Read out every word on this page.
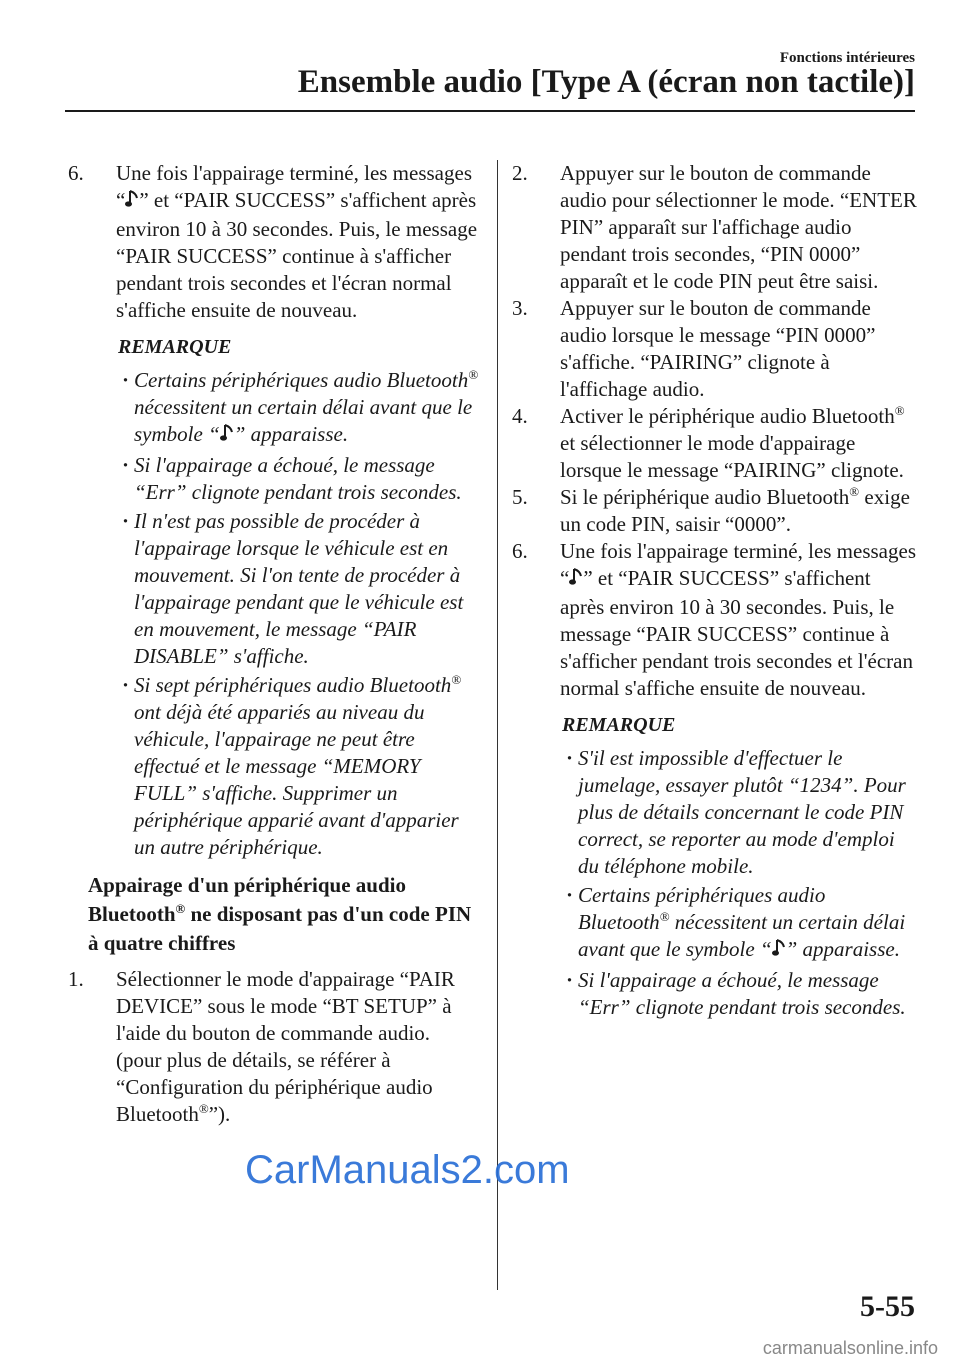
Fonctions intérieures
Ensemble audio [Type A (écran non tactile)]
6.	Une fois l'appairage terminé, les messages “ ” et “PAIR SUCCESS” s'affichent après environ 10 à 30 secondes. Puis, le message “PAIR SUCCESS” continue à s'afficher pendant trois secondes et l'écran normal s'affiche ensuite de nouveau.
REMARQUE
· Certains périphériques audio Bluetooth® nécessitent un certain délai avant que le symbole “ ” apparaisse.
· Si l'appairage a échoué, le message “Err” clignote pendant trois secondes.
· Il n'est pas possible de procéder à l'appairage lorsque le véhicule est en mouvement. Si l'on tente de procéder à l'appairage pendant que le véhicule est en mouvement, le message “PAIR DISABLE” s'affiche.
· Si sept périphériques audio Bluetooth® ont déjà été appariés au niveau du véhicule, l'appairage ne peut être effectué et le message “MEMORY FULL” s'affiche. Supprimer un périphérique apparié avant d'apparier un autre périphérique.
Appairage d'un périphérique audio Bluetooth® ne disposant pas d'un code PIN à quatre chiffres
1.	Sélectionner le mode d'appairage “PAIR DEVICE” sous le mode “BT SETUP” à l'aide du bouton de commande audio. (pour plus de détails, se référer à “Configuration du périphérique audio Bluetooth®”).
2.	Appuyer sur le bouton de commande audio pour sélectionner le mode. “ENTER PIN” apparaît sur l'affichage audio pendant trois secondes, “PIN 0000” apparaît et le code PIN peut être saisi.
3.	Appuyer sur le bouton de commande audio lorsque le message “PIN 0000” s'affiche. “PAIRING” clignote à l'affichage audio.
4.	Activer le périphérique audio Bluetooth® et sélectionner le mode d'appairage lorsque le message “PAIRING” clignote.
5.	Si le périphérique audio Bluetooth® exige un code PIN, saisir “0000”.
6.	Une fois l'appairage terminé, les messages “ ” et “PAIR SUCCESS” s'affichent après environ 10 à 30 secondes. Puis, le message “PAIR SUCCESS” continue à s'afficher pendant trois secondes et l'écran normal s'affiche ensuite de nouveau.
REMARQUE
· S'il est impossible d'effectuer le jumelage, essayer plutôt “1234”. Pour plus de détails concernant le code PIN correct, se reporter au mode d'emploi du téléphone mobile.
· Certains périphériques audio Bluetooth® nécessitent un certain délai avant que le symbole “ ” apparaisse.
· Si l'appairage a échoué, le message “Err” clignote pendant trois secondes.
CarManuals2.com
5-55
carmanualsonline.info
